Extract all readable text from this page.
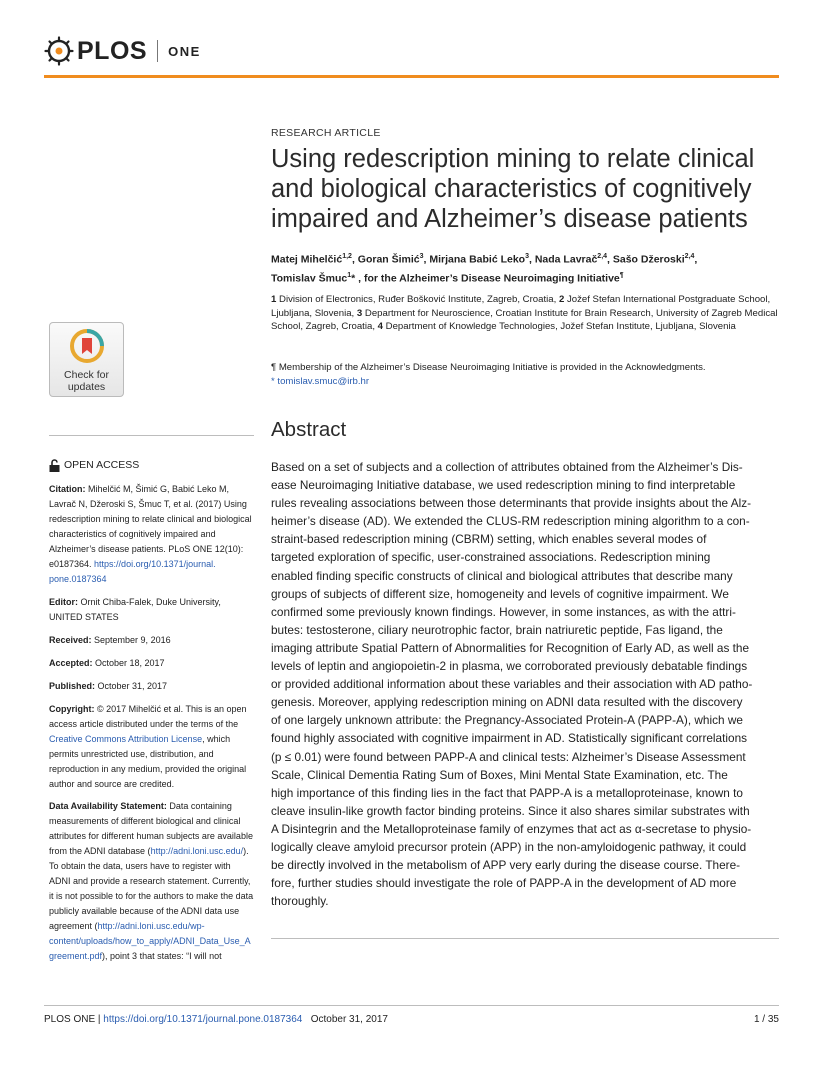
PLOS ONE
RESEARCH ARTICLE
Using redescription mining to relate clinical and biological characteristics of cognitively impaired and Alzheimer’s disease patients
Matej Mihelčić$^{1,2}$, Goran Šimić$^3$, Mirjana Babić Leko$^3$, Nada Lavrač$^{2,4}$, Sašo Džeroski$^{2,4}$,
Tomislav Šmuc$^1$* , for the Alzheimer’s Disease Neuroimaging Initiative¶
1 Division of Electronics, Ruđer Bošković Institute, Zagreb, Croatia, 2 Jožef Stefan International Postgraduate School, Ljubljana, Slovenia, 3 Department for Neuroscience, Croatian Institute for Brain Research, University of Zagreb Medical School, Zagreb, Croatia, 4 Department of Knowledge Technologies, Jožef Stefan Institute, Ljubljana, Slovenia
¶ Membership of the Alzheimer’s Disease Neuroimaging Initiative is provided in the Acknowledgments.
* tomislav.smuc@irb.hr
Abstract
Based on a set of subjects and a collection of attributes obtained from the Alzheimer’s Dis-
ease Neuroimaging Initiative database, we used redescription mining to find interpretable
rules revealing associations between those determinants that provide insights about the Alz-
heimer’s disease (AD). We extended the CLUS-RM redescription mining algorithm to a con-
straint-based redescription mining (CBRM) setting, which enables several modes of
targeted exploration of specific, user-constrained associations. Redescription mining
enabled finding specific constructs of clinical and biological attributes that describe many
groups of subjects of different size, homogeneity and levels of cognitive impairment. We
confirmed some previously known findings. However, in some instances, as with the attri-
butes: testosterone, ciliary neurotrophic factor, brain natriuretic peptide, Fas ligand, the
imaging attribute Spatial Pattern of Abnormalities for Recognition of Early AD, as well as the
levels of leptin and angiopoietin-2 in plasma, we corroborated previously debatable findings
or provided additional information about these variables and their association with AD patho-
genesis. Moreover, applying redescription mining on ADNI data resulted with the discovery
of one largely unknown attribute: the Pregnancy-Associated Protein-A (PAPP-A), which we
found highly associated with cognitive impairment in AD. Statistically significant correlations
(p ≤ 0.01) were found between PAPP-A and clinical tests: Alzheimer’s Disease Assessment
Scale, Clinical Dementia Rating Sum of Boxes, Mini Mental State Examination, etc. The
high importance of this finding lies in the fact that PAPP-A is a metalloproteinase, known to
cleave insulin-like growth factor binding proteins. Since it also shares similar substrates with
A Disintegrin and the Metalloproteinase family of enzymes that act as α-secretase to physio-
logically cleave amyloid precursor protein (APP) in the non-amyloidogenic pathway, it could
be directly involved in the metabolism of APP very early during the disease course. There-
fore, further studies should investigate the role of PAPP-A in the development of AD more
thoroughly.
Check for
updates
OPEN ACCESS

Citation: Mihelčić M, Šimić G, Babić Leko M,
Lavrač N, Džeroski S, Šmuc T, et al. (2017) Using
redescription mining to relate clinical and biological
characteristics of cognitively impaired and
Alzheimer’s disease patients. PLoS ONE 12(10):
e0187364. https://doi.org/10.1371/journal.
pone.0187364

Editor: Ornit Chiba-Falek, Duke University, UNITED STATES

Received: September 9, 2016

Accepted: October 18, 2017

Published: October 31, 2017

Copyright: © 2017 Mihelčić et al. This is an open access article distributed under the terms of the Creative Commons Attribution License, which permits unrestricted use, distribution, and reproduction in any medium, provided the original author and source are credited.

Data Availability Statement: Data containing measurements of different biological and clinical attributes for different human subjects are available from the ADNI database (http://adni.loni.usc.edu/). To obtain the data, users have to register with ADNI and provide a research statement. Currently, it is not possible to for the authors to make the data publicly available because of the ADNI data use agreement (http://adni.loni.usc.edu/wp-content/uploads/how_to_apply/ADNI_Data_Use_Agreement.pdf), point 3 that states: “I will not

PLOS ONE | https://doi.org/10.1371/journal.pone.0187364 October 31, 2017	1 / 35
